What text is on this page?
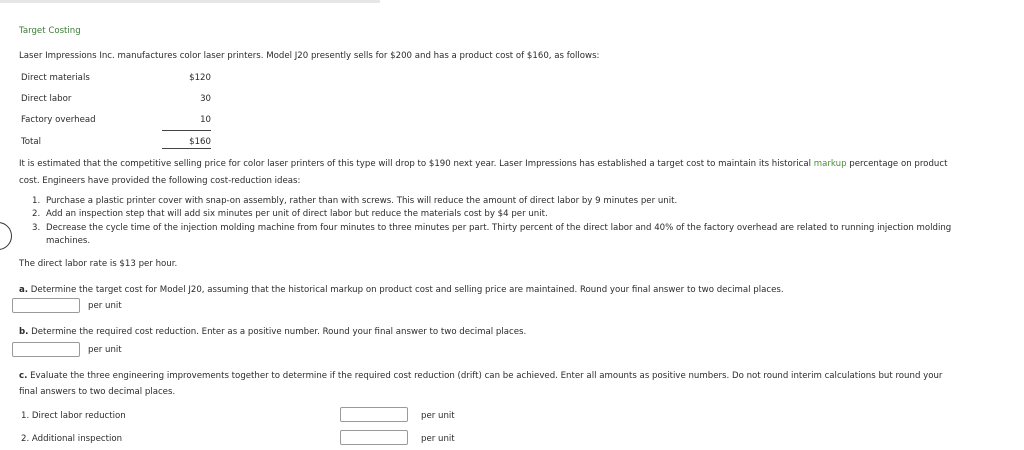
Target Costing
Laser Impressions Inc. manufactures color laser printers. Model J20 presently sells for $200 and has a product cost of $160, as follows:
Direct materials	$120
Direct labor	30
Factory overhead	10
Total	$160
It is estimated that the competitive selling price for color laser printers of this type will drop to $190 next year. Laser Impressions has established a target cost to maintain its historical markup percentage on product
cost. Engineers have provided the following cost-reduction ideas:
1. Purchase a plastic printer cover with snap-on assembly, rather than with screws. This will reduce the amount of direct labor by 9 minutes per unit.
2. Add an inspection step that will add six minutes per unit of direct labor but reduce the materials cost by $4 per unit.
3. Decrease the cycle time of the injection molding machine from four minutes to three minutes per part. Thirty percent of the direct labor and 40% of the factory overhead are related to running injection molding
machines.
The direct labor rate is $13 per hour.
a. Determine the target cost for Model J20, assuming that the historical markup on product cost and selling price are maintained. Round your final answer to two decimal places.
per unit
b. Determine the required cost reduction. Enter as a positive number. Round your final answer to two decimal places.
per unit
c. Evaluate the three engineering improvements together to determine if the required cost reduction (drift) can be achieved. Enter all amounts as positive numbers. Do not round interim calculations but round your
final answers to two decimal places.
1. Direct labor reduction	per unit
2. Additional inspection	per unit
